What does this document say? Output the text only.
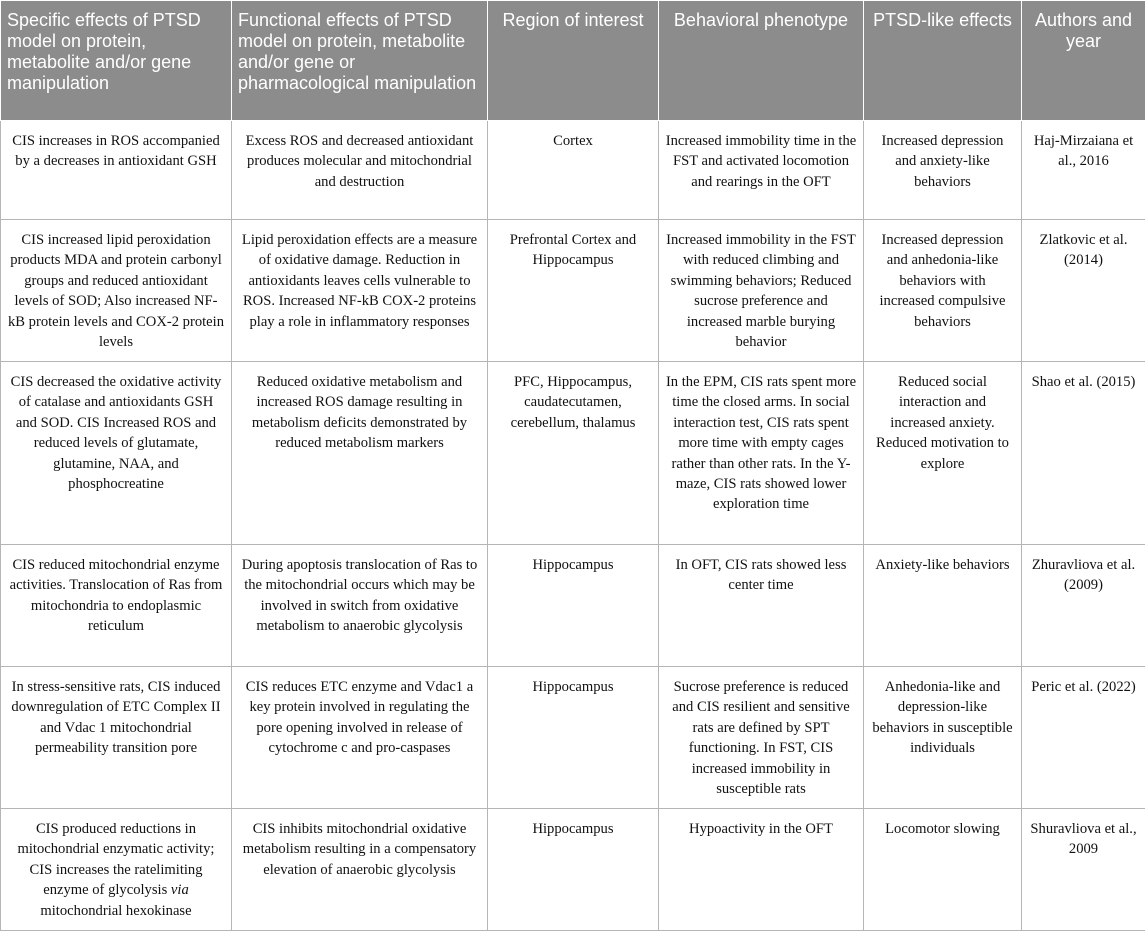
Specific effects of PTSD model on protein, metabolite and/or gene manipulation	Functional effects of PTSD model on protein, metabolite and/or gene or pharmacological manipulation	Region of interest	Behavioral phenotype	PTSD-like effects	Authors and year
CIS increases in ROS accompanied by a decreases in antioxidant GSH	Excess ROS and decreased antioxidant produces molecular and mitochondrial and destruction	Cortex	Increased immobility time in the FST and activated locomotion and rearings in the OFT	Increased depression and anxiety-like behaviors	Haj-Mirzaiana et al., 2016
CIS increased lipid peroxidation products MDA and protein carbonyl groups and reduced antioxidant levels of SOD; Also increased NF-kB protein levels and COX-2 protein levels	Lipid peroxidation effects are a measure of oxidative damage. Reduction in antioxidants leaves cells vulnerable to ROS. Increased NF-kB COX-2 proteins play a role in inflammatory responses	Prefrontal Cortex and Hippocampus	Increased immobility in the FST with reduced climbing and swimming behaviors; Reduced sucrose preference and increased marble burying behavior	Increased depression and anhedonia-like behaviors with increased compulsive behaviors	Zlatkovic et al. (2014)
CIS decreased the oxidative activity of catalase and antioxidants GSH and SOD. CIS Increased ROS and reduced levels of glutamate, glutamine, NAA, and phosphocreatine	Reduced oxidative metabolism and increased ROS damage resulting in metabolism deficits demonstrated by reduced metabolism markers	PFC, Hippocampus, caudatecutamen, cerebellum, thalamus	In the EPM, CIS rats spent more time the closed arms. In social interaction test, CIS rats spent more time with empty cages rather than other rats. In the Y-maze, CIS rats showed lower exploration time	Reduced social interaction and increased anxiety. Reduced motivation to explore	Shao et al. (2015)
CIS reduced mitochondrial enzyme activities. Translocation of Ras from mitochondria to endoplasmic reticulum	During apoptosis translocation of Ras to the mitochondrial occurs which may be involved in switch from oxidative metabolism to anaerobic glycolysis	Hippocampus	In OFT, CIS rats showed less center time	Anxiety-like behaviors	Zhuravliova et al. (2009)
In stress-sensitive rats, CIS induced downregulation of ETC Complex II and Vdac 1 mitochondrial permeability transition pore	CIS reduces ETC enzyme and Vdac1 a key protein involved in regulating the pore opening involved in release of cytochrome c and pro-caspases	Hippocampus	Sucrose preference is reduced and CIS resilient and sensitive rats are defined by SPT functioning. In FST, CIS increased immobility in susceptible rats	Anhedonia-like and depression-like behaviors in susceptible individuals	Peric et al. (2022)
CIS produced reductions in mitochondrial enzymatic activity; CIS increases the ratelimiting enzyme of glycolysis via mitochondrial hexokinase	CIS inhibits mitochondrial oxidative metabolism resulting in a compensatory elevation of anaerobic glycolysis	Hippocampus	Hypoactivity in the OFT	Locomotor slowing	Shuravliova et al., 2009
